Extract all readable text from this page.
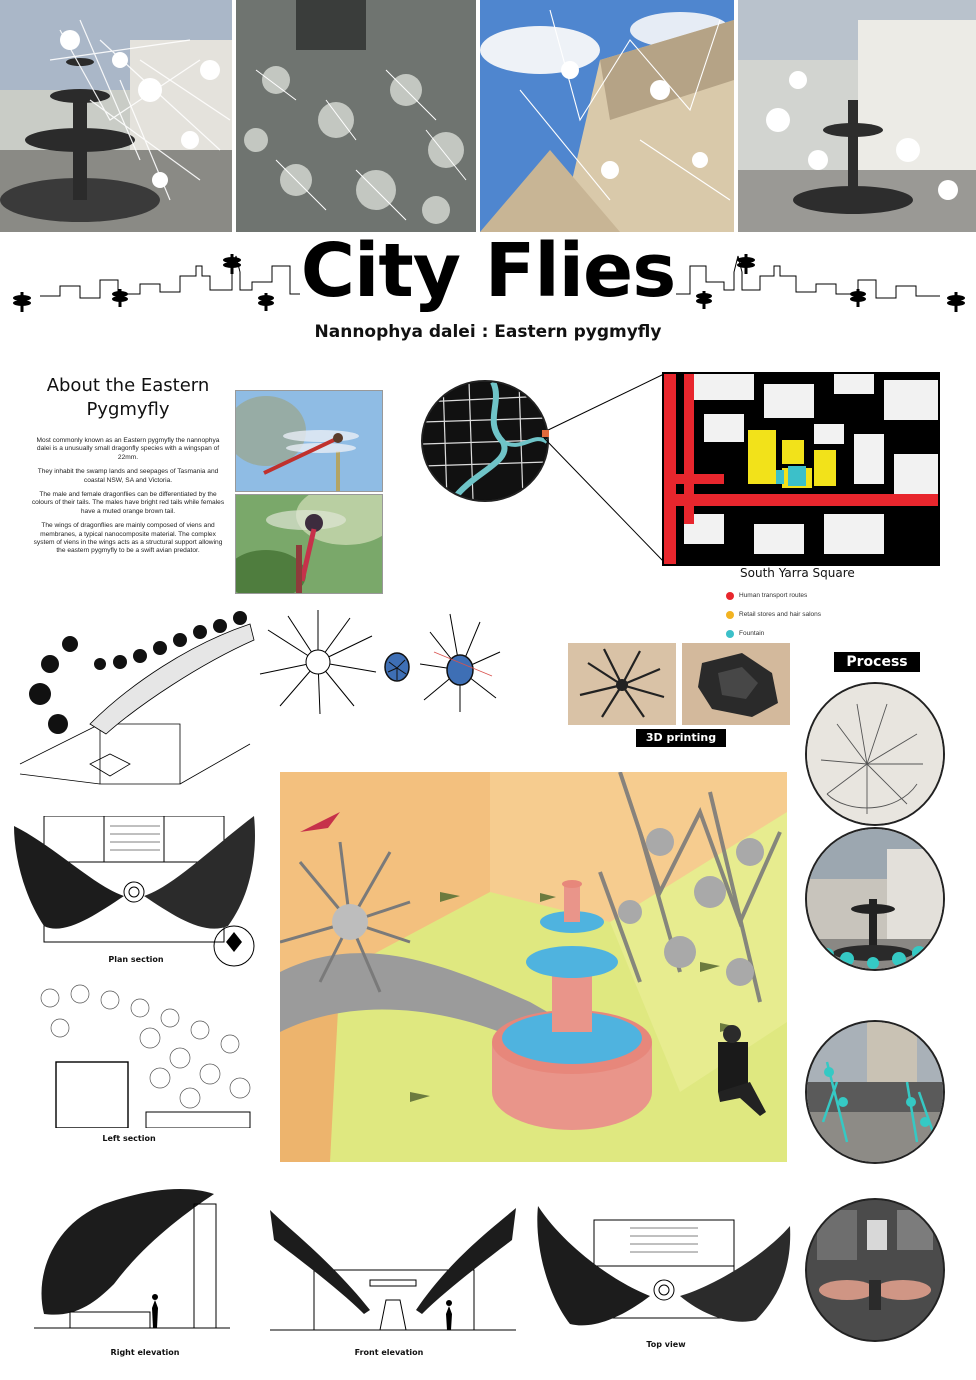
City Flies
Nannophya dalei : Eastern pygmyfly
About the Eastern
Pygmyfly

Most commonly known as an Eastern pygmyfly the nannophya dalei is a unusually small dragonfly species with a wingspan of 22mm.

They inhabit the swamp lands and seepages of Tasmania and coastal NSW, SA and Victoria.

The male and female dragonflies can be differentiated by the colours of their tails. The males have bright red tails while females have a muted orange brown tail.

The wings of dragonflies are mainly composed of viens and membranes, a typical nanocomposite material. The complex system of viens in the wings acts as a structural support allowing the eastern pygmyfly to be a swift avian predator.

South Yarra Square
Human transport routes
Retail stores and hair salons
Fountain
3D printing
Process
Plan section
Left section
Right elevation	Front elevation
Top view
